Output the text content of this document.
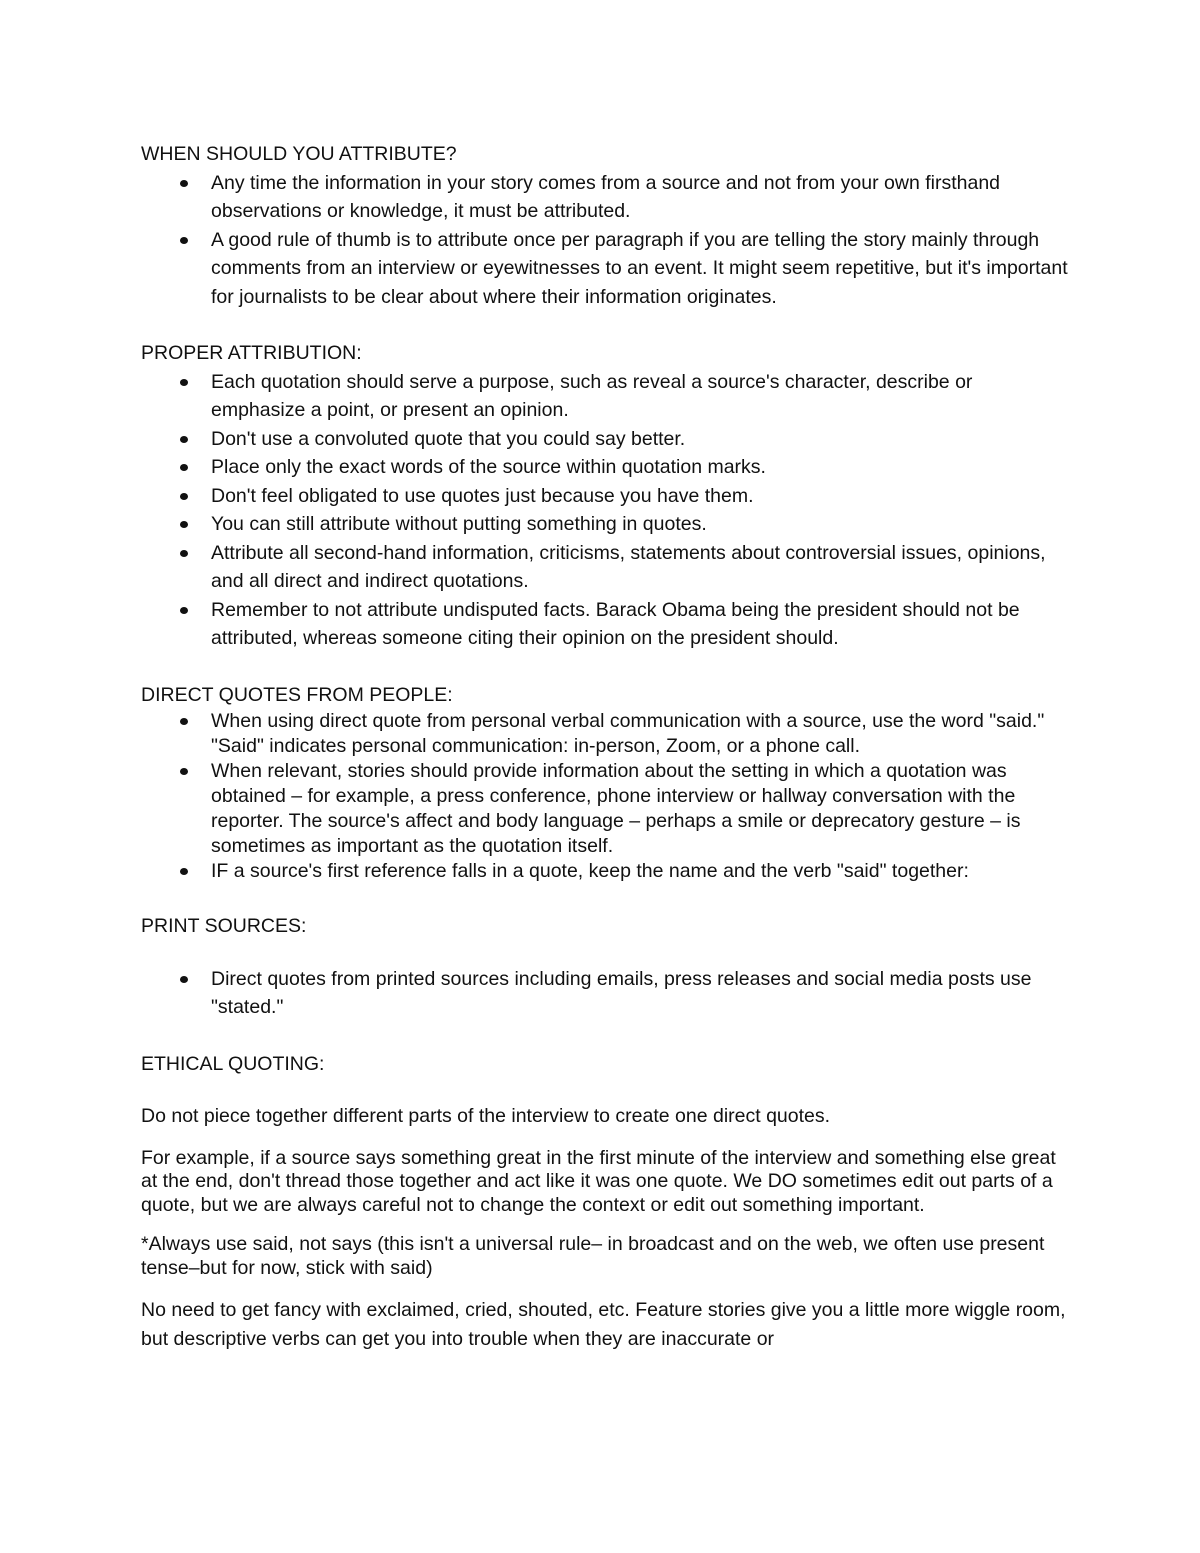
WHEN SHOULD YOU ATTRIBUTE?
Any time the information in your story comes from a source and not from your own firsthand observations or knowledge, it must be attributed.
A good rule of thumb is to attribute once per paragraph if you are telling the story mainly through comments from an interview or eyewitnesses to an event. It might seem repetitive, but it's important for journalists to be clear about where their information originates.
PROPER ATTRIBUTION:
Each quotation should serve a purpose, such as reveal a source's character, describe or emphasize a point, or present an opinion.
Don't use a convoluted quote that you could say better.
Place only the exact words of the source within quotation marks.
Don't feel obligated to use quotes just because you have them.
You can still attribute without putting something in quotes.
Attribute all second-hand information, criticisms, statements about controversial issues, opinions, and all direct and indirect quotations.
Remember to not attribute undisputed facts. Barack Obama being the president should not be attributed, whereas someone citing their opinion on the president should.
DIRECT QUOTES FROM PEOPLE:
When using direct quote from personal verbal communication with a source, use the word "said." "Said" indicates personal communication: in-person, Zoom, or a phone call.
When relevant, stories should provide information about the setting in which a quotation was obtained – for example, a press conference, phone interview or hallway conversation with the reporter. The source's affect and body language – perhaps a smile or deprecatory gesture – is sometimes as important as the quotation itself.
IF a source's first reference falls in a quote, keep the name and the verb "said" together:
PRINT SOURCES:
Direct quotes from printed sources including emails, press releases and social media posts use "stated."
ETHICAL QUOTING:

Do not piece together different parts of the interview to create one direct quotes.

For example, if a source says something great in the first minute of the interview and something else great at the end, don't thread those together and act like it was one quote. We DO sometimes edit out parts of a quote, but we are always careful not to change the context or edit out something important.

*Always use said, not says (this isn't a universal rule– in broadcast and on the web, we often use present tense–but for now, stick with said)

No need to get fancy with exclaimed, cried, shouted, etc. Feature stories give you a little more wiggle room, but descriptive verbs can get you into trouble when they are inaccurate or
